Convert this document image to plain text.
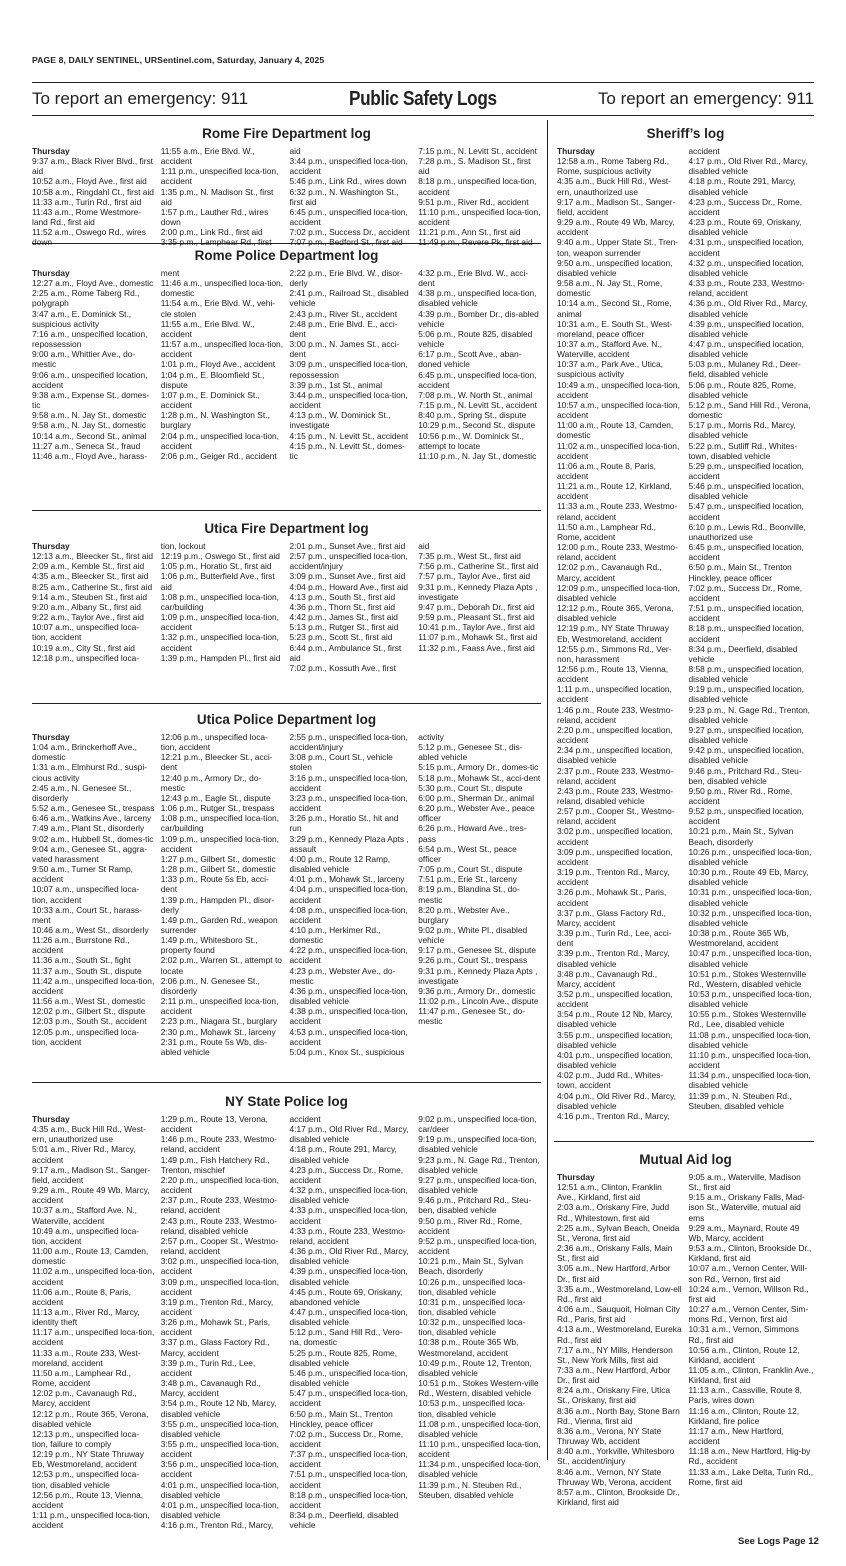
PAGE 8, DAILY SENTINEL, URSentinel.com, Saturday, January 4, 2025
To report an emergency: 911	Public Safety Logs	To report an emergency: 911
Rome Fire Department log
Thursday
9:37 a.m., Black River Blvd., first aid
10:52 a.m., Floyd Ave., first aid
10:58 a.m., Ringdahl Ct., first aid
11:33 a.m., Turin Rd., first aid
11:43 a.m., Rome Westmore-land Rd., first aid
11:52 a.m., Oswego Rd., wires down
11:55 a.m., Erie Blvd. W., accident
1:11 p.m., unspecified loca-tion, accident
1:35 p.m., N. Madison St., first aid
1:57 p.m., Lauther Rd., wires down
2:00 p.m., Link Rd., first aid
3:35 p.m., Lamphear Rd., first
aid
3:44 p.m., unspecified loca-tion, accident
5:46 p.m., Link Rd., wires down
6:32 p.m., N. Washington St., first aid
6:45 p.m., unspecified loca-tion, accident
7:02 p.m., Success Dr., accident
7:07 p.m., Bedford St., first aid
7:15 p.m., N. Levitt St., accident
7:28 p.m., S. Madison St., first aid
8:18 p.m., unspecified loca-tion, accident
9:51 p.m., River Rd., accident
11:10 p.m., unspecified loca-tion, accident
11:21 p.m., Ann St., first aid
11:49 p.m., Revere Pk, first aid
Rome Police Department log
Thursday
12:27 a.m., Floyd Ave., domestic
2:25 a.m., Rome Taberg Rd., polygraph
3:47 a.m., E. Dominick St., suspicious activity
7:16 a.m., unspecified location, repossession
9:00 a.m., Whittier Ave., do-mestic
9:06 a.m., unspecified location, accident
9:38 a.m., Expense St., domes-tic
9:58 a.m., N. Jay St., domestic
9:58 a.m., N. Jay St., domestic
10:14 a.m., Second St., animal
11:27 a.m., Seneca St., fraud
11:46 a.m., Floyd Ave., harass-
ment
11:46 a.m., unspecified loca-tion, domestic
11:54 a.m., Erie Blvd. W., vehi-cle stolen
11:55 a.m., Erie Blvd. W., accident
11:57 a.m., unspecified loca-tion, accident
1:01 p.m., Floyd Ave., accident
1:04 p.m., E. Bloomfield St., dispute
1:07 p.m., E. Dominick St., accident
1:28 p.m., N. Washington St., burglary
2:04 p.m., unspecified loca-tion, accident
2:06 p.m., Geiger Rd., accident
2:22 p.m., Erie Blvd. W., disor-derly
2:41 p.m., Railroad St., disabled vehicle
2:43 p.m., River St., accident
2:48 p.m., Erie Blvd. E., acci-dent
3:00 p.m., N. James St., acci-dent
3:09 p.m., unspecified loca-tion, repossession
3:39 p.m., 1st St., animal
3:44 p.m., unspecified loca-tion, accident
4:13 p.m., W. Dominick St., investigate
4:15 p.m., N. Levitt St., accident
4:15 p.m., N. Levitt St., domes-tic
4:32 p.m., Erie Blvd. W., acci-dent
4:38 p.m., unspecified loca-tion, disabled vehicle
4:39 p.m., Bomber Dr., dis-abled vehicle
5:06 p.m., Route 825, disabled vehicle
6:17 p.m., Scott Ave., aban-doned vehicle
6:45 p.m., unspecified loca-tion, accident
7:08 p.m., W. North St., animal
7:15 p.m., N. Levitt St., accident
8:40 p.m., Spring St., dispute
10:29 p.m., Second St., dispute
10:56 p.m., W. Dominick St., attempt to locate
11:10 p.m., N. Jay St., domestic
Utica Fire Department log
Thursday
12:13 a.m., Bleecker St., first aid
2:09 a.m., Kemble St., first aid
4:35 a.m., Bleecker St., first aid
8:25 a.m., Catherine St., first aid
9:14 a.m., Steuben St., first aid
9:20 a.m., Albany St., first aid
9:22 a.m., Taylor Ave., first aid
10:07 a.m., unspecified loca-tion, accident
10:19 a.m., City St., first aid
12:18 p.m., unspecified loca-
tion, lockout
12:19 p.m., Oswego St., first aid
1:05 p.m., Horatio St., first aid
1:06 p.m., Butterfield Ave., first aid
1:08 p.m., unspecified loca-tion, car/building
1:09 p.m., unspecified loca-tion, accident
1:32 p.m., unspecified loca-tion, accident
1:39 p.m., Hampden Pl., first aid
2:01 p.m., Sunset Ave., first aid
2:57 p.m., unspecified loca-tion, accident/injury
3:09 p.m., Sunset Ave., first aid
4:04 p.m., Howard Ave., first aid
4:13 p.m., South St., first aid
4:36 p.m., Thorn St., first aid
4:42 p.m., James St., first aid
5:13 p.m., Rutger St., first aid
5:23 p.m., Scott St., first aid
6:44 p.m., Ambulance St., first aid
7:02 p.m., Kossuth Ave., first
aid
7:35 p.m., West St., first aid
7:56 p.m., Catherine St., first aid
7:57 p.m., Taylor Ave., first aid
9:31 p.m., Kennedy Plaza Apts , investigate
9:47 p.m., Deborah Dr., first aid
9:59 p.m., Pleasant St., first aid
10:41 p.m., Taylor Ave., first aid
11:07 p.m., Mohawk St., first aid
11:32 p.m., Faass Ave., first aid
Utica Police Department log
Thursday
1:04 a.m., Brinckerhoff Ave., domestic
1:31 a.m., Elmhurst Rd., suspi-cious activity
2:45 a.m., N. Genesee St., disorderly
5:52 a.m., Genesee St., trespass
6:46 a.m., Watkins Ave., larceny
7:49 a.m., Plant St., disorderly
9:02 a.m., Hubbell St., domes-tic
9:04 a.m., Genesee St., aggra-vated harassment
9:50 a.m., Turner St Ramp, accident
10:07 a.m., unspecified loca-tion, accident
10:33 a.m., Court St., harass-ment
10:46 a.m., West St., disorderly
11:26 a.m., Burrstone Rd., accident
11:36 a.m., South St., fight
11:37 a.m., South St., dispute
11:42 a.m., unspecified loca-tion, accident
11:56 a.m., West St., domestic
12:02 p.m., Gilbert St., dispute
12:03 p.m., South St., accident
12:05 p.m., unspecified loca-tion, accident
12:06 p.m., unspecified loca-tion, accident
12:21 p.m., Bleecker St., acci-dent
12:40 p.m., Armory Dr., do-mestic
12:43 p.m., Eagle St., dispute
1:06 p.m., Rutger St., trespass
1:08 p.m., unspecified loca-tion, car/building
1:09 p.m., unspecified loca-tion, accident
1:27 p.m., Gilbert St., domestic
1:28 p.m., Gilbert St., domestic
1:33 p.m., Route 5s Eb, acci-dent
1:39 p.m., Hampden Pl., disor-derly
1:49 p.m., Garden Rd., weapon surrender
1:49 p.m., Whitesboro St., property found
2:02 p.m., Warren St., attempt to locate
2:06 p.m., N. Genesee St., disorderly
2:11 p.m., unspecified loca-tion, accident
2:23 p.m., Niagara St., burglary
2:30 p.m., Mohawk St., larceny
2:31 p.m., Route 5s Wb, dis-abled vehicle
2:55 p.m., unspecified loca-tion, accident/injury
3:08 p.m., Court St., vehicle stolen
3:16 p.m., unspecified loca-tion, accident
3:23 p.m., unspecified loca-tion, accident
3:26 p.m., Horatio St., hit and run
3:29 p.m., Kennedy Plaza Apts , assault
4:00 p.m., Route 12 Ramp, disabled vehicle
4:01 p.m., Mohawk St., larceny
4:04 p.m., unspecified loca-tion, accident
4:08 p.m., unspecified loca-tion, accident
4:10 p.m., Herkimer Rd., domestic
4:22 p.m., unspecified loca-tion, accident
4:23 p.m., Webster Ave., do-mestic
4:36 p.m., unspecified loca-tion, disabled vehicle
4:38 p.m., unspecified loca-tion, accident
4:53 p.m., unspecified loca-tion, accident
5:04 p.m., Knox St., suspicious
activity
5:12 p.m., Genesee St., dis-abled vehicle
5:15 p.m., Armory Dr., domes-tic
5:18 p.m., Mohawk St., acci-dent
5:30 p.m., Court St., dispute
6:00 p.m., Sherman Dr., animal
6:20 p.m., Webster Ave., peace officer
6:26 p.m., Howard Ave., tres-pass
6:54 p.m., West St., peace officer
7:05 p.m., Court St., dispute
7:51 p.m., Erie St., larceny
8:19 p.m., Blandina St., do-mestic
8:20 p.m., Webster Ave., burglary
9:02 p.m., White Pl., disabled vehicle
9:17 p.m., Genesee St., dispute
9:26 p.m., Court St., trespass
9:31 p.m., Kennedy Plaza Apts , investigate
9:36 p.m., Armory Dr., domestic
11:02 p.m., Lincoln Ave., dispute
11:47 p.m., Genesee St., do-mestic
NY State Police log
Thursday
4:35 a.m., Buck Hill Rd., West-ern, unauthorized use
5:01 a.m., River Rd., Marcy, accident
9:17 a.m., Madison St., Sanger-field, accident
9:29 a.m., Route 49 Wb, Marcy, accident
10:37 a.m., Stafford Ave. N., Waterville, accident
10:49 a.m., unspecified loca-tion, accident
11:00 a.m., Route 13, Camden, domestic
11:02 a.m., unspecified loca-tion, accident
11:06 a.m., Route 8, Paris, accident
11:13 a.m., River Rd., Marcy, identity theft
11:17 a.m., unspecified loca-tion, accident
11:33 a.m., Route 233, West-moreland, accident
11:50 a.m., Lamphear Rd., Rome, accident
12:02 p.m., Cavanaugh Rd., Marcy, accident
12:12 p.m., Route 365, Verona, disabled vehicle
12:13 p.m., unspecified loca-tion, failure to comply
12:19 p.m., NY State Thruway Eb, Westmoreland, accident
12:53 p.m., unspecified loca-tion, disabled vehicle
12:56 p.m., Route 13, Vienna, accident
1:11 p.m., unspecified loca-tion, accident
1:29 p.m., Route 13, Verona, accident
1:46 p.m., Route 233, Westmo-reland, accident
1:49 p.m., Fish Hatchery Rd., Trenton, mischief
2:20 p.m., unspecified loca-tion, accident
2:37 p.m., Route 233, Westmo-reland, accident
2:43 p.m., Route 233, Westmo-reland, disabled vehicle
2:57 p.m., Cooper St., Westmo-reland, accident
3:02 p.m., unspecified loca-tion, accident
3:09 p.m., unspecified loca-tion, accident
3:19 p.m., Trenton Rd., Marcy, accident
3:26 p.m., Mohawk St., Paris, accident
3:37 p.m., Glass Factory Rd., Marcy, accident
3:39 p.m., Turin Rd., Lee, accident
3:48 p.m., Cavanaugh Rd., Marcy, accident
3:54 p.m., Route 12 Nb, Marcy, disabled vehicle
3:55 p.m., unspecified loca-tion, disabled vehicle
3:55 p.m., unspecified loca-tion, accident
3:56 p.m., unspecified loca-tion, accident
4:01 p.m., unspecified loca-tion, disabled vehicle
4:01 p.m., unspecified loca-tion, disabled vehicle
4:16 p.m., Trenton Rd., Marcy,
accident
4:17 p.m., Old River Rd., Marcy, disabled vehicle
4:18 p.m., Route 291, Marcy, disabled vehicle
4:23 p.m., Success Dr., Rome, accident
4:32 p.m., unspecified loca-tion, disabled vehicle
4:33 p.m., unspecified loca-tion, accident
4:33 p.m., Route 233, Westmo-reland, accident
4:36 p.m., Old River Rd., Marcy, disabled vehicle
4:39 p.m., unspecified loca-tion, disabled vehicle
4:45 p.m., Route 69, Oriskany, abandoned vehicle
4:47 p.m., unspecified loca-tion, disabled vehicle
5:12 p.m., Sand Hill Rd., Vero-na, domestic
5:25 p.m., Route 825, Rome, disabled vehicle
5:46 p.m., unspecified loca-tion, disabled vehicle
5:47 p.m., unspecified loca-tion, accident
6:50 p.m., Main St., Trenton Hinckley, peace officer
7:02 p.m., Success Dr., Rome, accident
7:37 p.m., unspecified loca-tion, accident
7:51 p.m., unspecified loca-tion, accident
8:18 p.m., unspecified loca-tion, accident
8:34 p.m., Deerfield, disabled vehicle
9:02 p.m., unspecified loca-tion, car/deer
9:19 p.m., unspecified loca-tion, disabled vehicle
9:23 p.m., N. Gage Rd., Trenton, disabled vehicle
9:27 p.m., unspecified loca-tion, disabled vehicle
9:46 p.m., Pritchard Rd., Steu-ben, disabled vehicle
9:50 p.m., River Rd., Rome, accident
9:52 p.m., unspecified loca-tion, accident
10:21 p.m., Main St., Sylvan Beach, disorderly
10:26 p.m., unspecified loca-tion, disabled vehicle
10:31 p.m., unspecified loca-tion, disabled vehicle
10:32 p.m., unspecified loca-tion, disabled vehicle
10:38 p.m., Route 365 Wb, Westmoreland, accident
10:49 p.m., Route 12, Trenton, disabled vehicle
10:51 p.m., Stokes Western-ville Rd., Western, disabled vehicle
10:53 p.m., unspecified loca-tion, disabled vehicle
11:08 p.m., unspecified loca-tion, disabled vehicle
11:10 p.m., unspecified loca-tion, accident
11:34 p.m., unspecified loca-tion, disabled vehicle
11:39 p.m., N. Steuben Rd., Steuben, disabled vehicle
Sheriff’s log
Thursday
12:58 a.m., Rome Taberg Rd., Rome, suspicious activity
4:35 a.m., Buck Hill Rd., West-ern, unauthorized use
9:17 a.m., Madison St., Sanger-field, accident
9:29 a.m., Route 49 Wb, Marcy, accident
9:40 a.m., Upper State St., Tren-ton, weapon surrender
9:50 a.m., unspecified location, disabled vehicle
9:58 a.m., N. Jay St., Rome, domestic
10:14 a.m., Second St., Rome, animal
10:31 a.m., E. South St., West-moreland, peace officer
10:37 a.m., Stafford Ave. N., Waterville, accident
10:37 a.m., Park Ave., Utica, suspicious activity
10:49 a.m., unspecified loca-tion, accident
10:57 a.m., unspecified loca-tion, accident
11:00 a.m., Route 13, Camden, domestic
11:02 a.m., unspecified loca-tion, accident
11:06 a.m., Route 8, Paris, accident
11:21 a.m., Route 12, Kirkland, accident
11:33 a.m., Route 233, Westmo-reland, accident
11:50 a.m., Lamphear Rd., Rome, accident
12:00 p.m., Route 233, Westmo-reland, accident
12:02 p.m., Cavanaugh Rd., Marcy, accident
12:09 p.m., unspecified loca-tion, disabled vehicle
12:12 p.m., Route 365, Verona, disabled vehicle
12:19 p.m., NY State Thruway Eb, Westmoreland, accident
12:55 p.m., Simmons Rd., Ver-non, harassment
12:56 p.m., Route 13, Vienna, accident
1:11 p.m., unspecified location, accident
1:46 p.m., Route 233, Westmo-reland, accident
2:20 p.m., unspecified location, accident
2:34 p.m., unspecified location, disabled vehicle
2:37 p.m., Route 233, Westmo-reland, accident
2:43 p.m., Route 233, Westmo-reland, disabled vehicle
2:57 p.m., Cooper St., Westmo-reland, accident
3:02 p.m., unspecified location, accident
3:09 p.m., unspecified location, accident
3:19 p.m., Trenton Rd., Marcy, accident
3:26 p.m., Mohawk St., Paris, accident
3:37 p.m., Glass Factory Rd., Marcy, accident
3:39 p.m., Turin Rd., Lee, acci-dent
3:39 p.m., Trenton Rd., Marcy, disabled vehicle
3:48 p.m., Cavanaugh Rd., Marcy, accident
3:52 p.m., unspecified location, accident
3:54 p.m., Route 12 Nb, Marcy, disabled vehicle
3:55 p.m., unspecified location, disabled vehicle
4:01 p.m., unspecified location, disabled vehicle
4:02 p.m., Judd Rd., Whites-town, accident
4:04 p.m., Old River Rd., Marcy, disabled vehicle
4:16 p.m., Trenton Rd., Marcy,
accident
4:17 p.m., Old River Rd., Marcy, disabled vehicle
4:18 p.m., Route 291, Marcy, disabled vehicle
4:23 p.m., Success Dr., Rome, accident
4:23 p.m., Route 69, Oriskany, disabled vehicle
4:31 p.m., unspecified location, accident
4:32 p.m., unspecified location, disabled vehicle
4:33 p.m., Route 233, Westmo-reland, accident
4:36 p.m., Old River Rd., Marcy, disabled vehicle
4:39 p.m., unspecified location, disabled vehicle
4:47 p.m., unspecified location, disabled vehicle
5:03 p.m., Mulaney Rd., Deer-field, disabled vehicle
5:06 p.m., Route 825, Rome, disabled vehicle
5:12 p.m., Sand Hill Rd., Verona, domestic
5:17 p.m., Morris Rd., Marcy, disabled vehicle
5:22 p.m., Sutliff Rd., Whites-town, disabled vehicle
5:29 p.m., unspecified location, accident
5:46 p.m., unspecified location, disabled vehicle
5:47 p.m., unspecified location, accident
6:10 p.m., Lewis Rd., Boonville, unauthorized use
6:45 p.m., unspecified location, accident
6:50 p.m., Main St., Trenton Hinckley, peace officer
7:02 p.m., Success Dr., Rome, accident
7:51 p.m., unspecified location, accident
8:18 p.m., unspecified location, accident
8:34 p.m., Deerfield, disabled vehicle
8:58 p.m., unspecified location, disabled vehicle
9:19 p.m., unspecified location, disabled vehicle
9:23 p.m., N. Gage Rd., Trenton, disabled vehicle
9:27 p.m., unspecified location, disabled vehicle
9:42 p.m., unspecified location, disabled vehicle
9:46 p.m., Pritchard Rd., Steu-ben, disabled vehicle
9:50 p.m., River Rd., Rome, accident
9:52 p.m., unspecified location, accident
10:21 p.m., Main St., Sylvan Beach, disorderly
10:26 p.m., unspecified loca-tion, disabled vehicle
10:30 p.m., Route 49 Eb, Marcy, disabled vehicle
10:31 p.m., unspecified loca-tion, disabled vehicle
10:32 p.m., unspecified loca-tion, disabled vehicle
10:38 p.m., Route 365 Wb, Westmoreland, accident
10:47 p.m., unspecified loca-tion, disabled vehicle
10:51 p.m., Stokes Westernville Rd., Western, disabled vehicle
10:53 p.m., unspecified loca-tion, disabled vehicle
10:55 p.m., Stokes Westernville Rd., Lee, disabled vehicle
11:08 p.m., unspecified loca-tion, disabled vehicle
11:10 p.m., unspecified loca-tion, accident
11:34 p.m., unspecified loca-tion, disabled vehicle
11:39 p.m., N. Steuben Rd., Steuben, disabled vehicle
Mutual Aid log
Thursday
12:51 a.m., Clinton, Franklin Ave., Kirkland, first aid
2:03 a.m., Oriskany Fire, Judd Rd., Whitestown, first aid
2:25 a.m., Sylvan Beach, Oneida St., Verona, first aid
2:36 a.m., Oriskany Falls, Main St., first aid
3:05 a.m., New Hartford, Arbor Dr., first aid
3:35 a.m., Westmoreland, Low-ell Rd., first aid
4:06 a.m., Sauquoit, Holman City Rd., Paris, first aid
4:13 a.m., Westmoreland, Eureka Rd., first aid
7:17 a.m., NY Mills, Henderson St., New York Mills, first aid
7:33 a.m., New Hartford, Arbor Dr., first aid
8:24 a.m., Oriskany Fire, Utica St., Oriskany, first aid
8:36 a.m., North Bay, Stone Barn Rd., Vienna, first aid
8:36 a.m., Verona, NY State Thruway Wb, accident
8:40 a.m., Yorkville, Whitesboro St., accident/injury
8:46 a.m., Vernon, NY State Thruway Wb, Verona, accident
8:57 a.m., Clinton, Brookside Dr., Kirkland, first aid
9:05 a.m., Waterville, Madison St., first aid
9:15 a.m., Oriskany Falls, Mad-ison St., Waterville, mutual aid ems
9:29 a.m., Maynard, Route 49 Wb, Marcy, accident
9:53 a.m., Clinton, Brookside Dr., Kirkland, first aid
10:07 a.m., Vernon Center, Will-son Rd., Vernon, first aid
10:24 a.m., Vernon, Willson Rd., first aid
10:27 a.m., Vernon Center, Sim-mons Rd., Vernon, first aid
10:31 a.m., Vernon, Simmons Rd., first aid
10:56 a.m., Clinton, Route 12, Kirkland, accident
11:05 a.m., Clinton, Franklin Ave., Kirkland, first aid
11:13 a.m., Cassville, Route 8, Paris, wires down
11:16 a.m., Clinton, Route 12, Kirkland, fire police
11:17 a.m., New Hartford, accident
11:18 a.m., New Hartford, Hig-by Rd., accident
11:33 a.m., Lake Delta, Turin Rd., Rome, first aid
See Logs Page 12
